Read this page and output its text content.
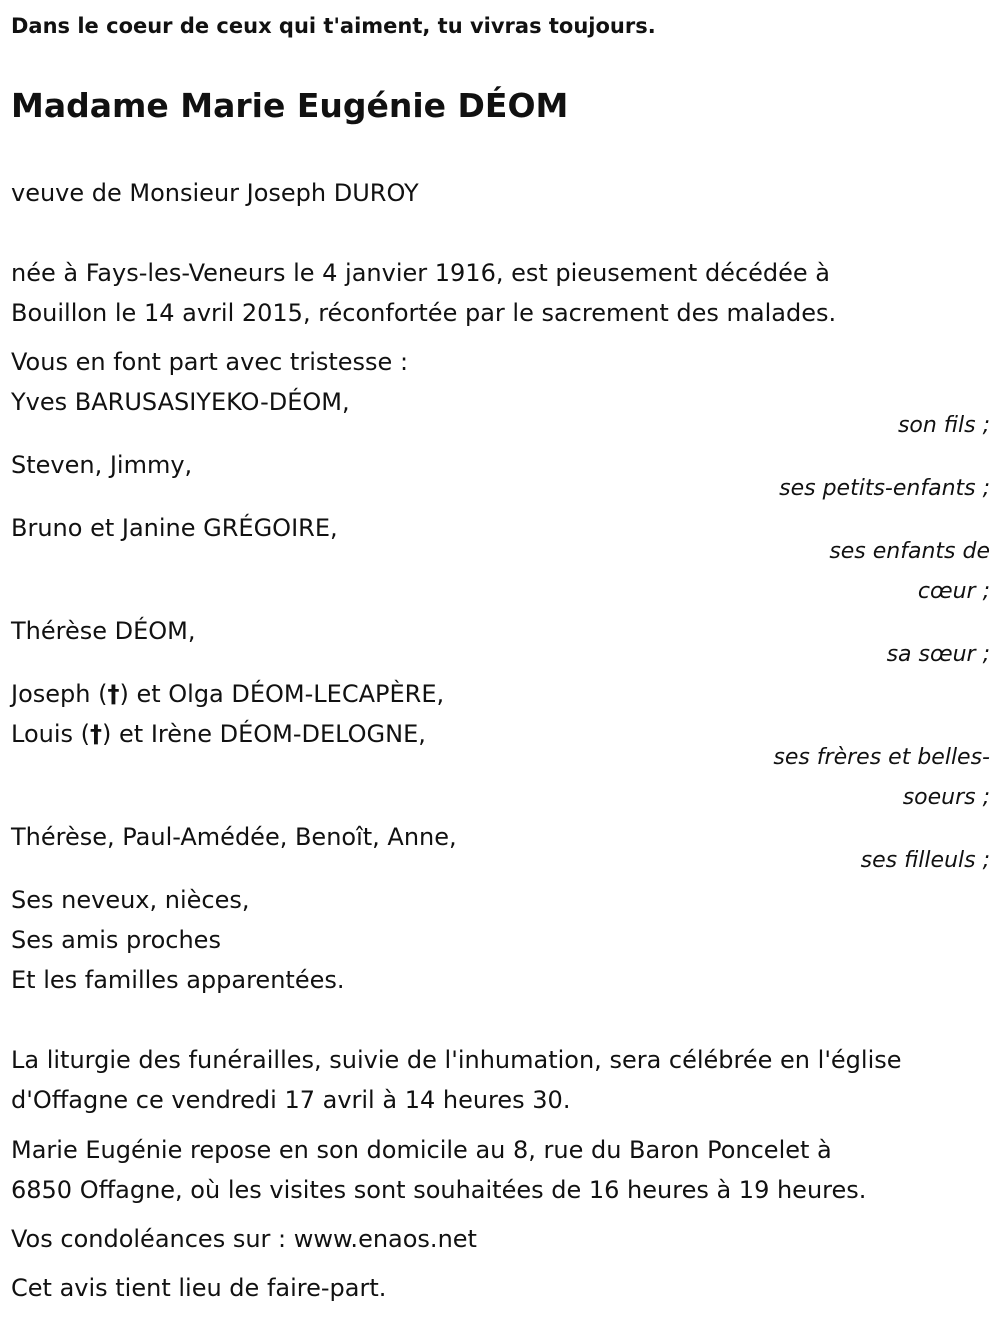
Dans le coeur de ceux qui t'aiment, tu vivras toujours.
Madame Marie Eugénie DÉOM
veuve de Monsieur Joseph DUROY
née à Fays-les-Veneurs le 4 janvier 1916, est pieusement décédée à
Bouillon le 14 avril 2015, réconfortée par le sacrement des malades.
Vous en font part avec tristesse :
Yves BARUSASIYEKO-DÉOM,
son fils ;
Steven, Jimmy,
ses petits-enfants ;
Bruno et Janine GRÉGOIRE,
ses enfants de
cœur ;
Thérèse DÉOM,
sa sœur ;
Joseph (†) et Olga DÉOM-LECAPÈRE,
Louis (†) et Irène DÉOM-DELOGNE,
ses frères et belles-
soeurs ;
Thérèse, Paul-Amédée, Benoît, Anne,
ses filleuls ;
Ses neveux, nièces,
Ses amis proches
Et les familles apparentées.
La liturgie des funérailles, suivie de l'inhumation, sera célébrée en l'église
d'Offagne ce vendredi 17 avril à 14 heures 30.
Marie Eugénie repose en son domicile au 8, rue du Baron Poncelet à
6850 Offagne, où les visites sont souhaitées de 16 heures à 19 heures.
Vos condoléances sur : www.enaos.net
Cet avis tient lieu de faire-part.
